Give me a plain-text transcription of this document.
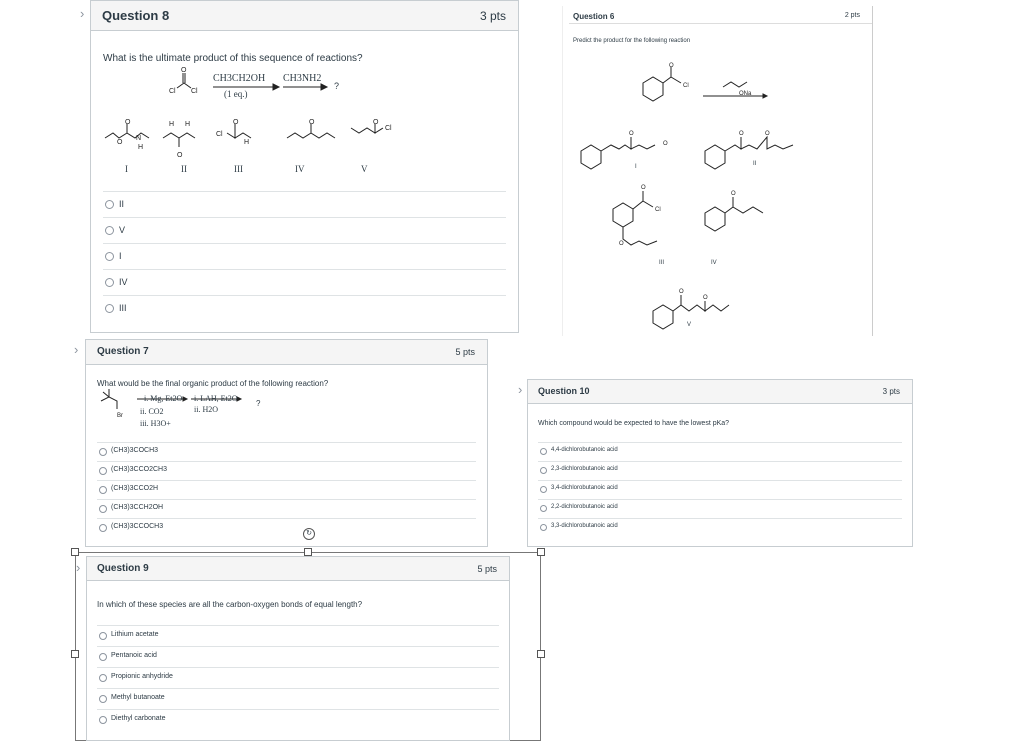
› Question 8	3 pts
What is the ultimate product of this sequence of reactions?
O
Cl Cl
CH3CH2OH
(1 eq.)
CH3NH2
?
O
O
N
H
H H
O
Cl
O
H
O	O
Cl
I	II	III	IV	V
II
V
I
IV
III
Question 6	2 pts
Predict the product for the following reaction
O
Cl
ONa
O
O	O	O
O
Cl
O
O
O
O
I	II
III	IV
V
› Question 7	5 pts
What would be the final organic product of the following reaction?
Br
i. Mg, Et2O
ii. CO2
iii. H3O+
i. LAH, Et2O
ii. H2O
?
(CH3)3COCH3
(CH3)3CCO2CH3
(CH3)3CCO2H
(CH3)3CCH2OH
(CH3)3CCOCH3
› Question 10	3 pts
Which compound would be expected to have the lowest pKa?
4,4-dichlorobutanoic acid
2,3-dichlorobutanoic acid
3,4-dichlorobutanoic acid
2,2-dichlorobutanoic acid
3,3-dichlorobutanoic acid
↻
› Question 9	5 pts
In which of these species are all the carbon-oxygen bonds of equal length?
Lithium acetate
Pentanoic acid
Propionic anhydride
Methyl butanoate
Diethyl carbonate
